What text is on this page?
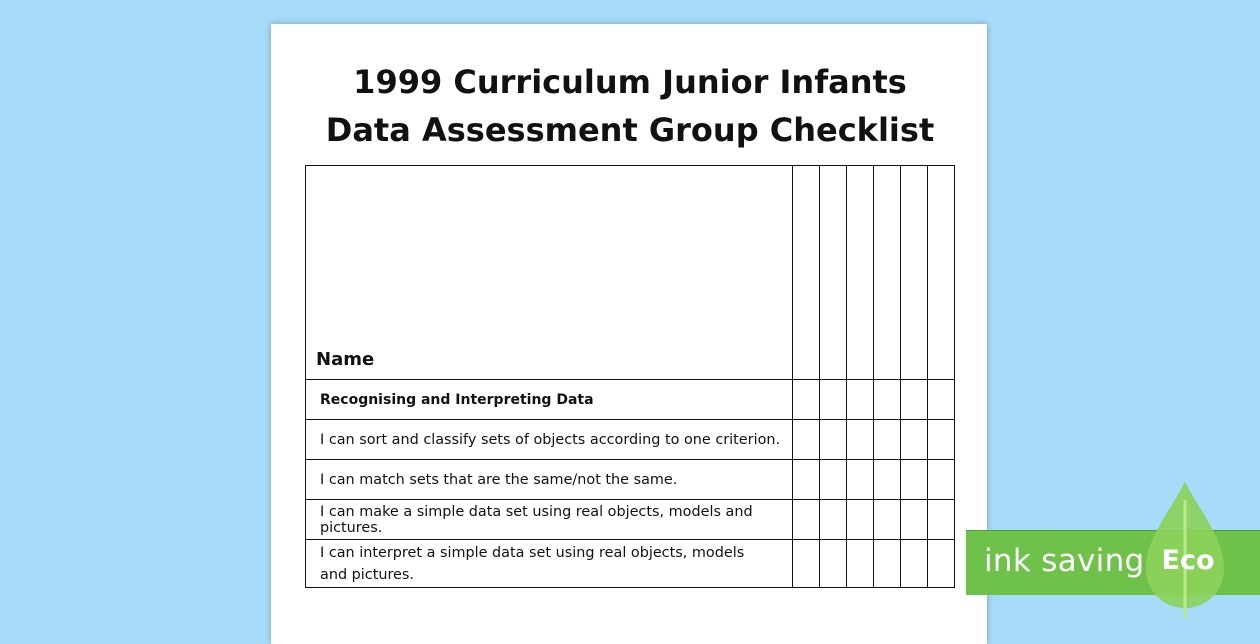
1999 Curriculum Junior Infants
Data Assessment Group Checklist
Name						
Recognising and Interpreting Data						
I can sort and classify sets of objects according to one criterion.						
I can match sets that are the same/not the same.						
I can make a simple data set using real objects, models and pictures.						
I can interpret a simple data set using real objects, models
and pictures.							ink saving Eco
